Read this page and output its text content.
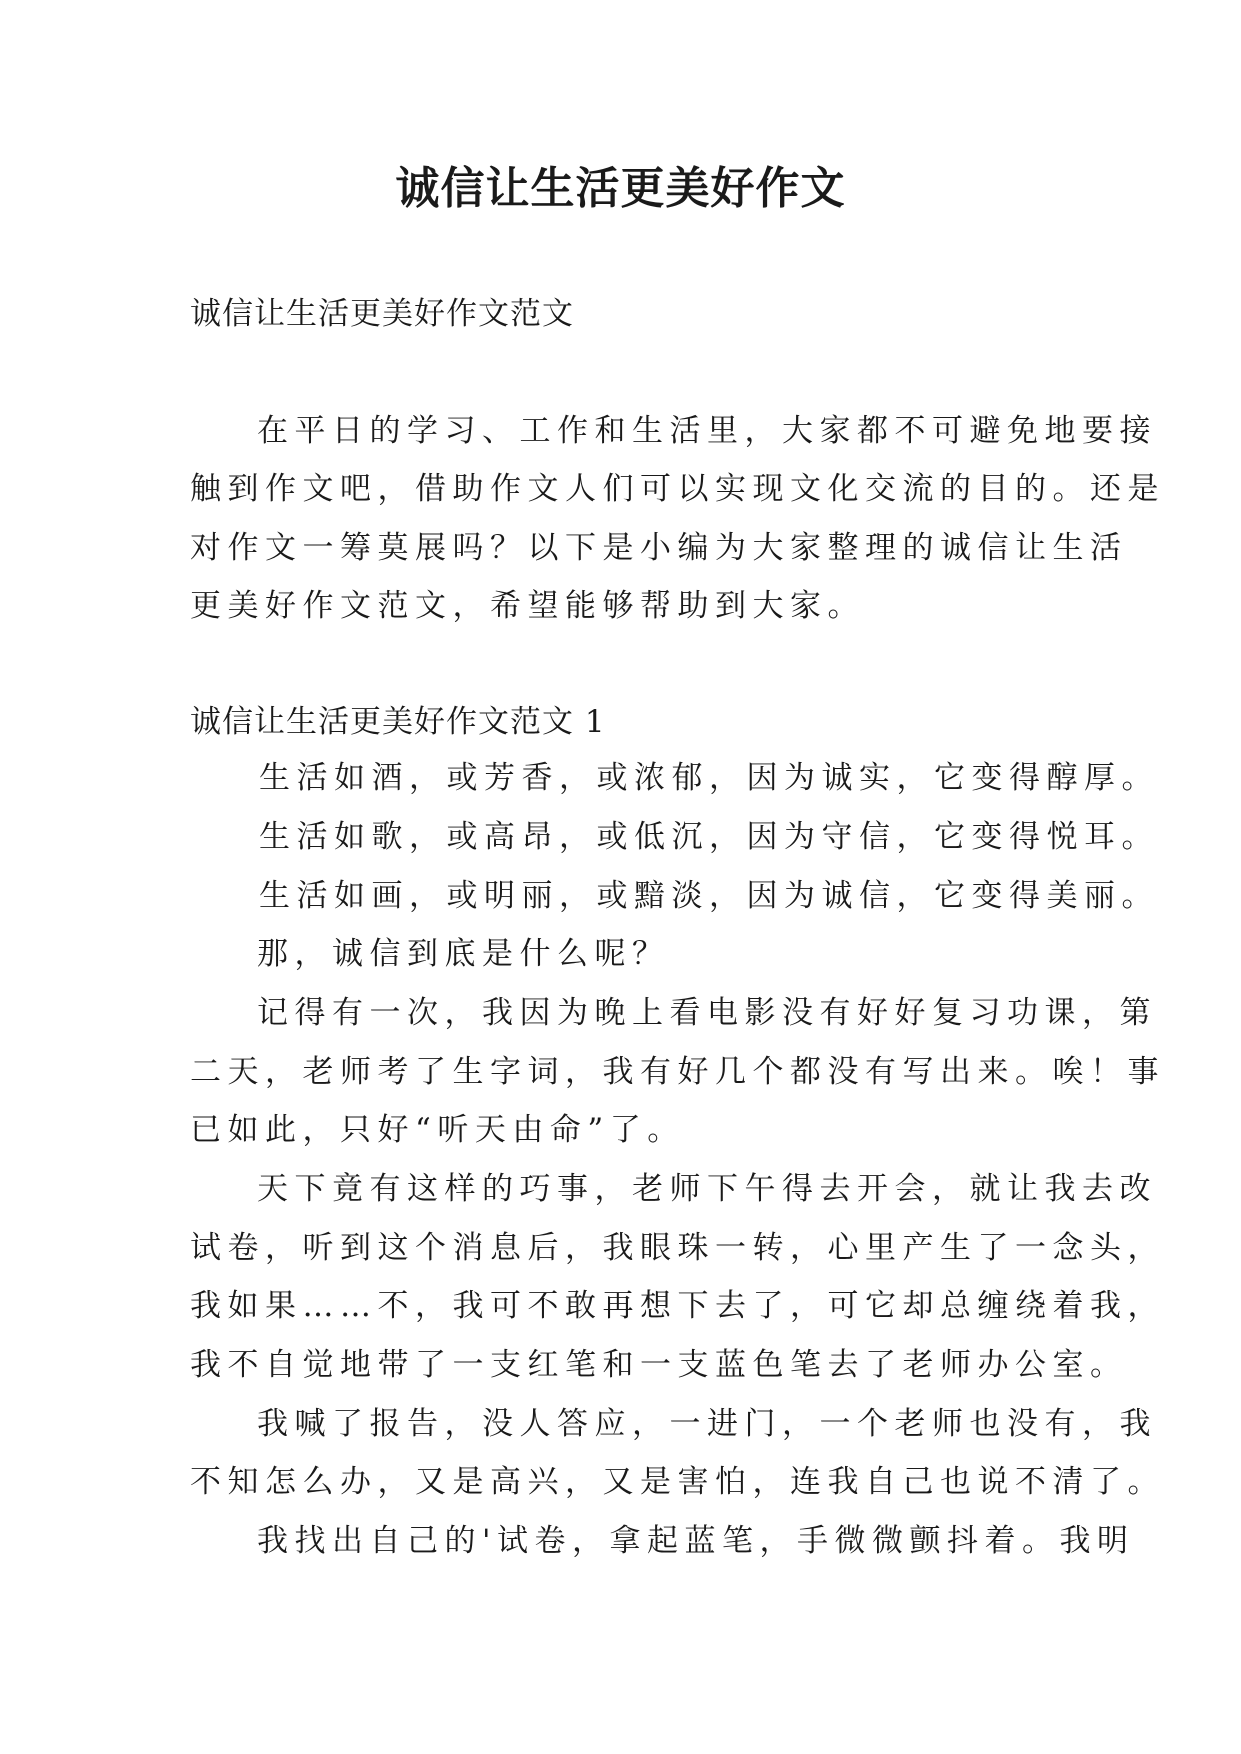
诚信让生活更美好作文

诚信让生活更美好作文范文

在平日的学习、工作和生活里，大家都不可避免地要接

触到作文吧，借助作文人们可以实现文化交流的目的。还是

对作文一筹莫展吗？以下是小编为大家整理的诚信让生活

更美好作文范文，希望能够帮助到大家。

诚信让生活更美好作文范文 1

生活如酒，或芳香，或浓郁，因为诚实，它变得醇厚。

生活如歌，或高昂，或低沉，因为守信，它变得悦耳。

生活如画，或明丽，或黯淡，因为诚信，它变得美丽。

那，诚信到底是什么呢？

记得有一次，我因为晚上看电影没有好好复习功课，第

二天，老师考了生字词，我有好几个都没有写出来。唉！事

已如此，只好“听天由命”了。

天下竟有这样的巧事，老师下午得去开会，就让我去改

试卷，听到这个消息后，我眼珠一转，心里产生了一念头，

我如果……不，我可不敢再想下去了，可它却总缠绕着我，

我不自觉地带了一支红笔和一支蓝色笔去了老师办公室。

我喊了报告，没人答应，一进门，一个老师也没有，我

不知怎么办，又是高兴，又是害怕，连我自己也说不清了。

我找出自己的'试卷，拿起蓝笔，手微微颤抖着。我明
